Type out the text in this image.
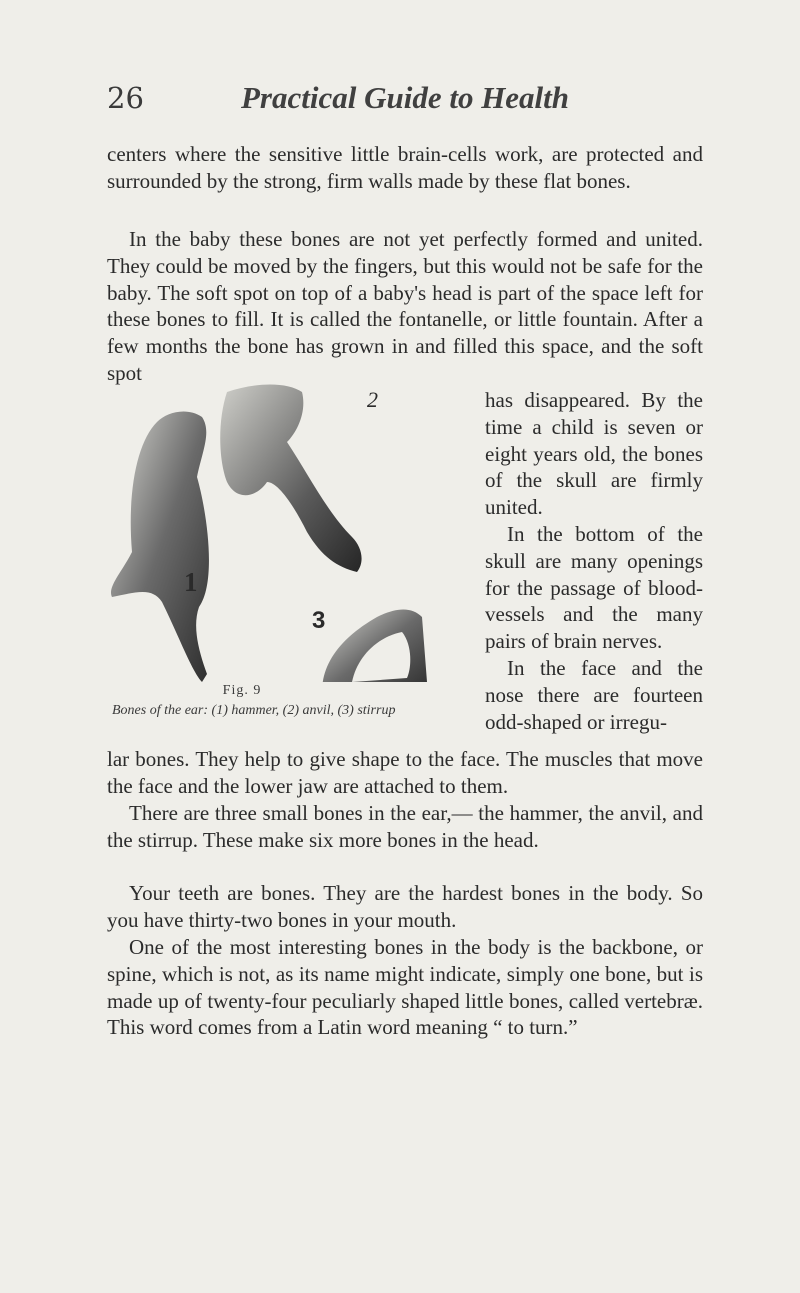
26	Practical Guide to Health

centers where the sensitive little brain-cells work, are protected and surrounded by the strong, firm walls made by these flat bones.

In the baby these bones are not yet perfectly formed and united. They could be moved by the fingers, but this would not be safe for the baby. The soft spot on top of a baby's head is part of the space left for these bones to fill. It is called the fontanelle, or little fountain. After a few months the bone has grown in and filled this space, and the soft spot

1
2
3
Fig. 9
Bones of the ear: (1) hammer, (2) anvil, (3) stirrup

has disappeared. By the time a child is seven or eight years old, the bones of the skull are firmly united.
In the bottom of the skull are many openings for the passage of blood-vessels and the many pairs of brain nerves.
In the face and the nose there are fourteen odd-shaped or irregu-

lar bones. They help to give shape to the face. The muscles that move the face and the lower jaw are attached to them.

There are three small bones in the ear,— the hammer, the anvil, and the stirrup. These make six more bones in the head.

Your teeth are bones. They are the hardest bones in the body. So you have thirty-two bones in your mouth.

One of the most interesting bones in the body is the backbone, or spine, which is not, as its name might indicate, simply one bone, but is made up of twenty-four peculiarly shaped little bones, called vertebræ. This word comes from a Latin word meaning “ to turn.”
